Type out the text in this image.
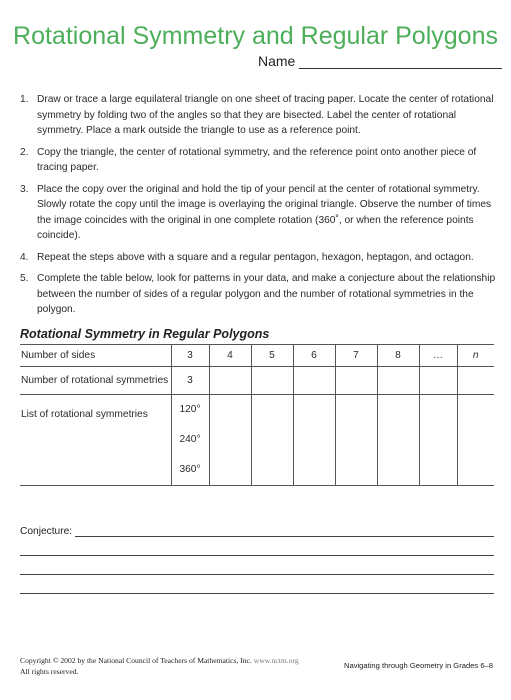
Rotational Symmetry and Regular Polygons
Name
1. Draw or trace a large equilateral triangle on one sheet of tracing paper. Locate the center of rotational symmetry by folding two of the angles so that they are bisected. Label the center of rotational symmetry. Place a mark outside the triangle to use as a reference point.
2. Copy the triangle, the center of rotational symmetry, and the reference point onto another piece of tracing paper.
3. Place the copy over the original and hold the tip of your pencil at the center of rotational symmetry. Slowly rotate the copy until the image is overlaying the original triangle. Observe the number of times the image coincides with the original in one complete rotation (360˚, or when the reference points coincide).
4. Repeat the steps above with a square and a regular pentagon, hexagon, heptagon, and octagon.
5. Complete the table below, look for patterns in your data, and make a conjecture about the relationship between the number of sides of a regular polygon and the number of rotational symmetries in the polygon.
Rotational Symmetry in Regular Polygons
Number of sides	3	4	5	6	7	8	…	n
Number of rotational symmetries	3							
List of rotational symmetries	120°
240°
360°							

Conjecture:
Copyright © 2002 by the National Council of Teachers of Mathematics, Inc. www.nctm.org
All rights reserved.
Navigating through Geometry in Grades 6–8
